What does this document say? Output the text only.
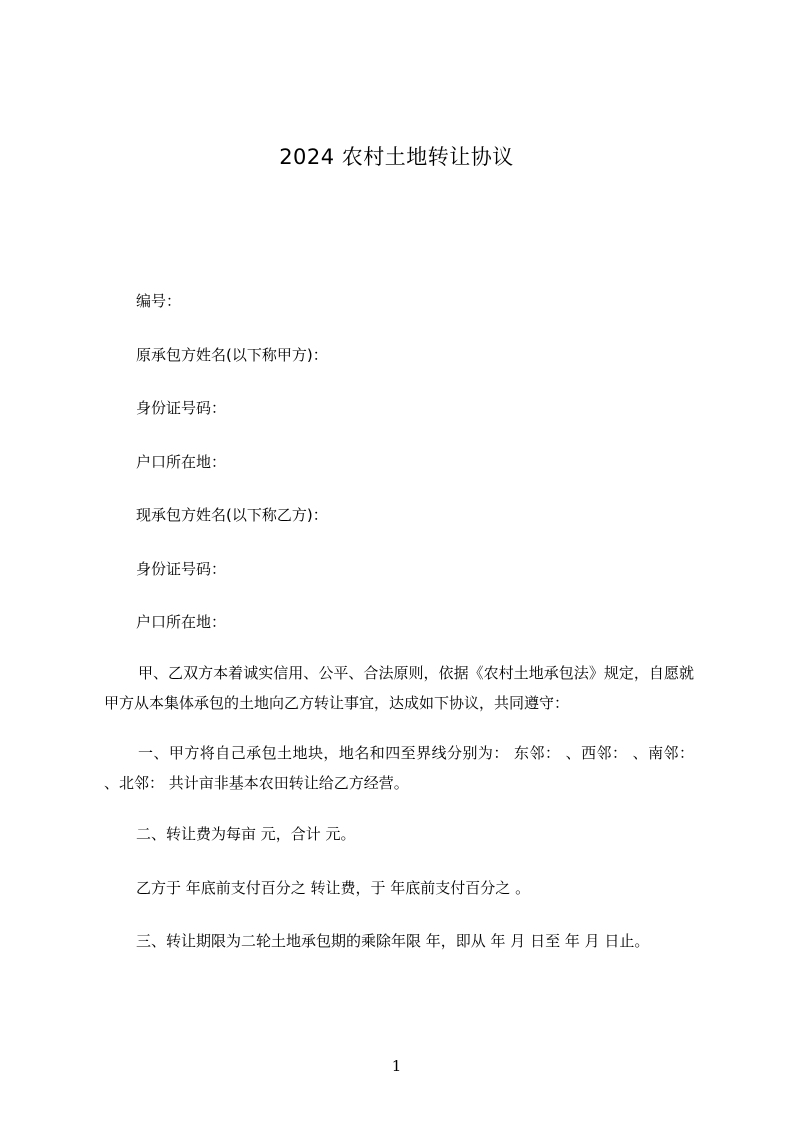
2024 农村土地转让协议
编号：
原承包方姓名(以下称甲方)：
身份证号码：
户口所在地：
现承包方姓名(以下称乙方)：
身份证号码：
户口所在地：

甲、乙双方本着诚实信用、公平、合法原则，依据《农村土地承包法》规定，自愿就甲方从本集体承包的土地向乙方转让事宜，达成如下协议，共同遵守：

一、甲方将自己承包土地块，地名和四至界线分别为： 东邻： 、西邻： 、南邻： 、北邻： 共计亩非基本农田转让给乙方经营。

二、转让费为每亩 元，合计 元。
乙方于 年底前支付百分之 转让费，于 年底前支付百分之 。
三、转让期限为二轮土地承包期的乘除年限 年，即从 年 月 日至 年 月 日止。
1
